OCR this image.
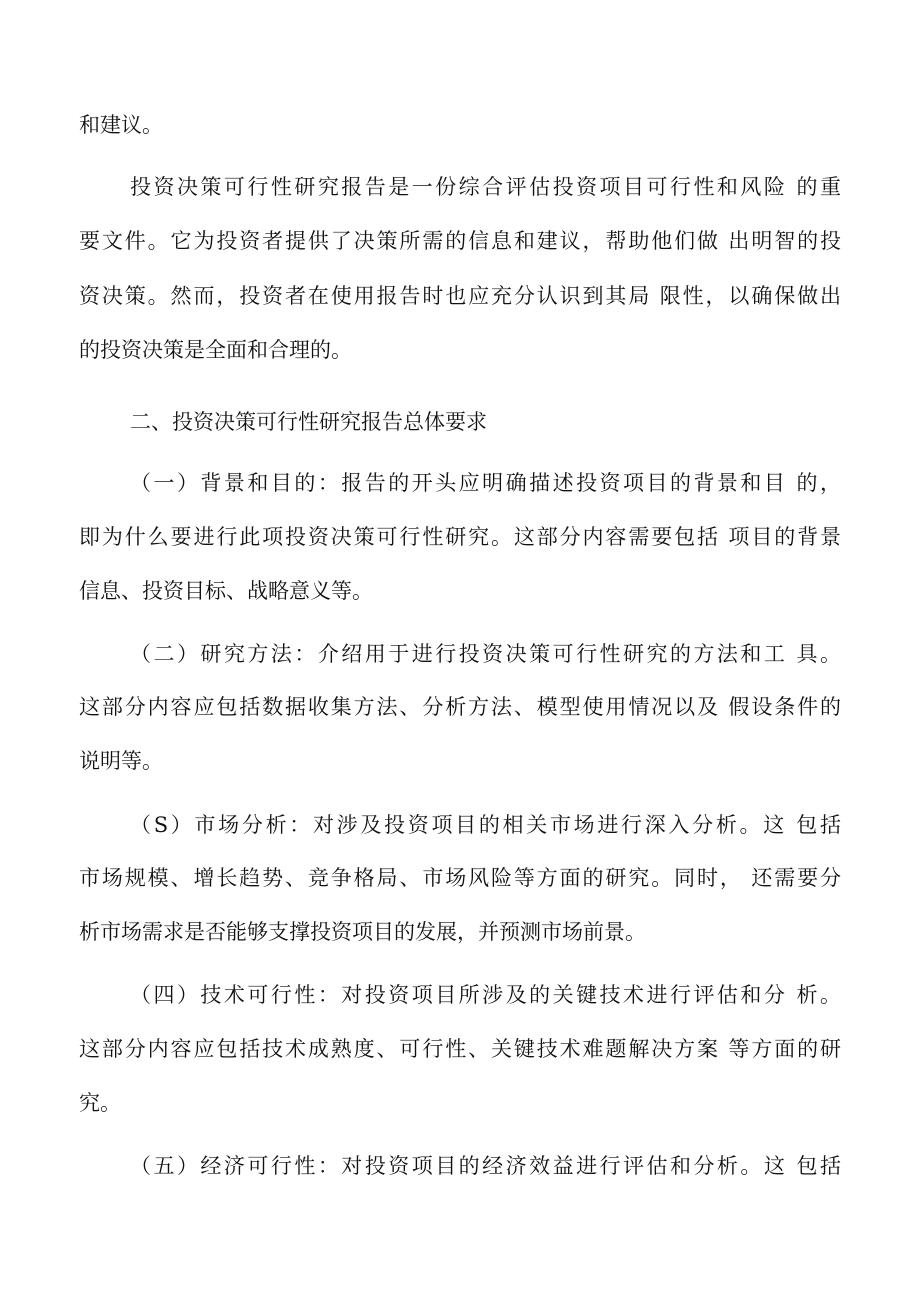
和建议。
投资决策可行性研究报告是一份综合评估投资项目可行性和风险 的重
要文件。它为投资者提供了决策所需的信息和建议，帮助他们做 出明智的投
资决策。然而，投资者在使用报告时也应充分认识到其局 限性，以确保做出
的投资决策是全面和合理的。
二、投资决策可行性研究报告总体要求
（一）背景和目的：报告的开头应明确描述投资项目的背景和目 的，
即为什么要进行此项投资决策可行性研究。这部分内容需要包括 项目的背景
信息、投资目标、战略意义等。
（二）研究方法：介绍用于进行投资决策可行性研究的方法和工 具。
这部分内容应包括数据收集方法、分析方法、模型使用情况以及 假设条件的
说明等。
（S）市场分析：对涉及投资项目的相关市场进行深入分析。这 包括
市场规模、增长趋势、竞争格局、市场风险等方面的研究。同时， 还需要分
析市场需求是否能够支撑投资项目的发展，并预测市场前景。
（四）技术可行性：对投资项目所涉及的关键技术进行评估和分 析。
这部分内容应包括技术成熟度、可行性、关键技术难题解决方案 等方面的研
究。
（五）经济可行性：对投资项目的经济效益进行评估和分析。这 包括
